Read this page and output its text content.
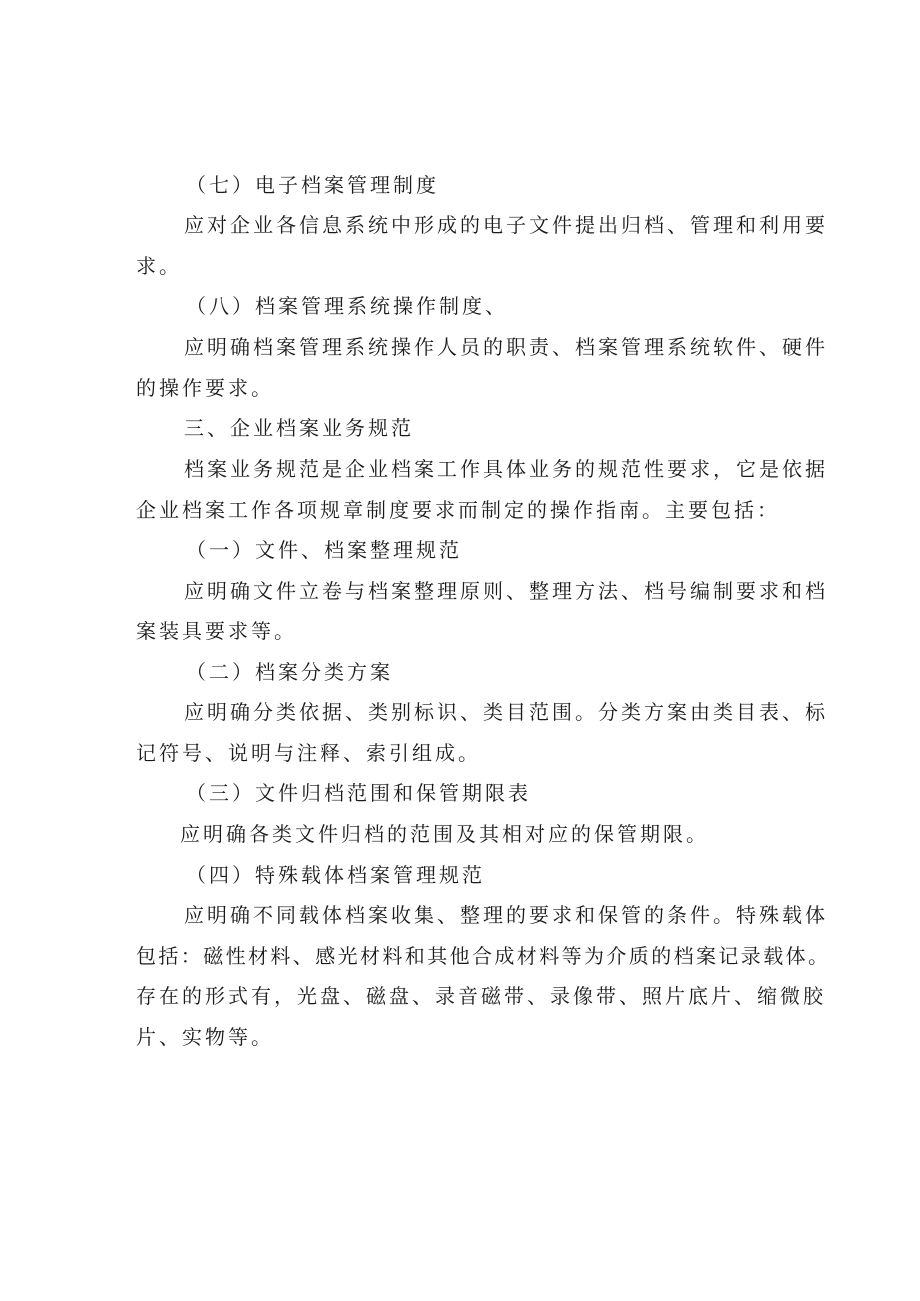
（七）电子档案管理制度

应对企业各信息系统中形成的电子文件提出归档、管理和利用要

求。

（八）档案管理系统操作制度、

应明确档案管理系统操作人员的职责、档案管理系统软件、硬件

的操作要求。

三、企业档案业务规范

档案业务规范是企业档案工作具体业务的规范性要求，它是依据

企业档案工作各项规章制度要求而制定的操作指南。主要包括：

（一）文件、档案整理规范

应明确文件立卷与档案整理原则、整理方法、档号编制要求和档

案装具要求等。

（二）档案分类方案

应明确分类依据、类别标识、类目范围。分类方案由类目表、标

记符号、说明与注释、索引组成。

（三）文件归档范围和保管期限表

应明确各类文件归档的范围及其相对应的保管期限。

（四）特殊载体档案管理规范

应明确不同载体档案收集、整理的要求和保管的条件。特殊载体

包括：磁性材料、感光材料和其他合成材料等为介质的档案记录载体。

存在的形式有，光盘、磁盘、录音磁带、录像带、照片底片、缩微胶

片、实物等。
